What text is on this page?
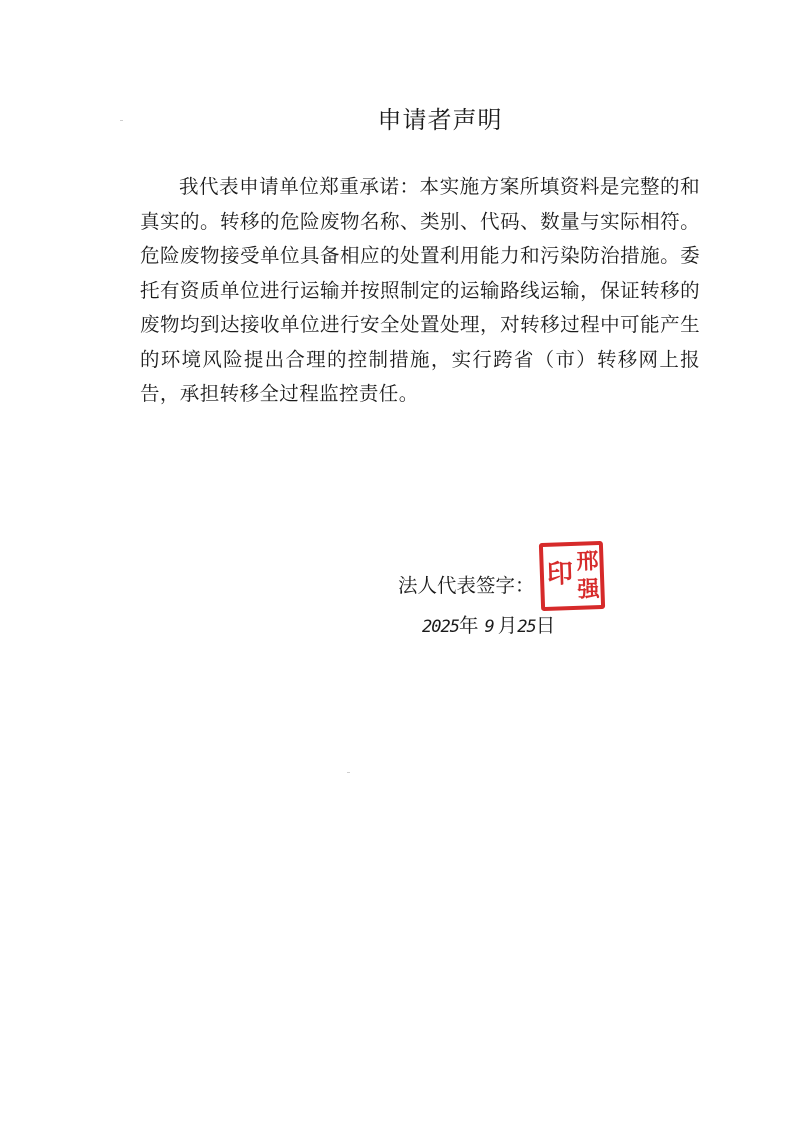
申请者声明

我代表申请单位郑重承诺：本实施方案所填资料是完整的和真实的。转移的危险废物名称、类别、代码、数量与实际相符。危险废物接受单位具备相应的处置利用能力和污染防治措施。委托有资质单位进行运输并按照制定的运输路线运输，保证转移的废物均到达接收单位进行安全处置处理，对转移过程中可能产生的环境风险提出合理的控制措施，实行跨省（市）转移网上报告，承担转移全过程监控责任。

法人代表签字：
2025年 9 月25日
印 邢强
